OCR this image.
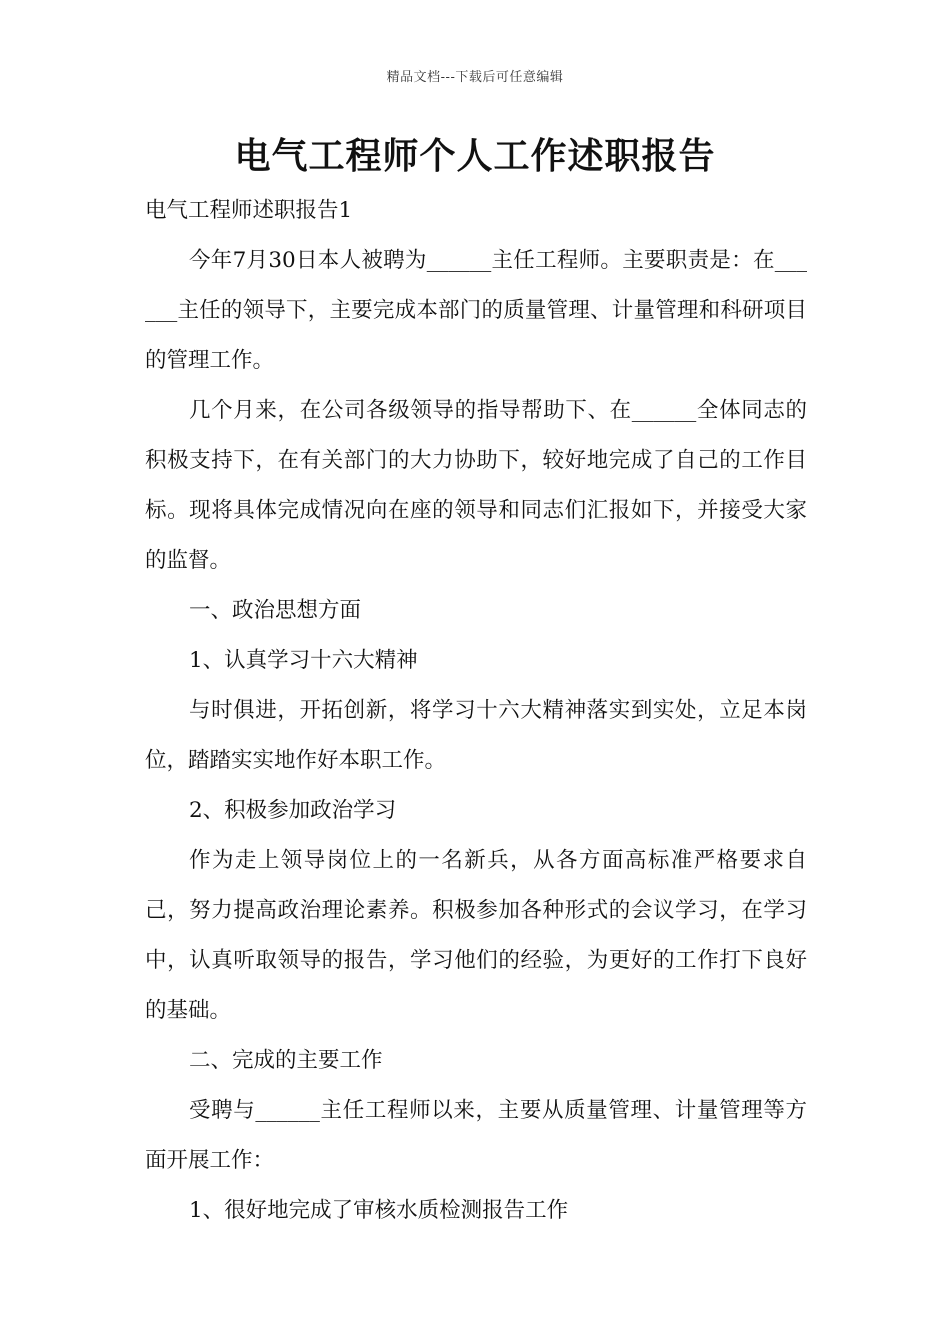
精品文档---下载后可任意编辑
电气工程师个人工作述职报告

电气工程师述职报告1

今年7月30日本人被聘为______主任工程师。主要职责是：在______主任的领导下，主要完成本部门的质量管理、计量管理和科研项目的管理工作。

几个月来，在公司各级领导的指导帮助下、在______全体同志的积极支持下，在有关部门的大力协助下，较好地完成了自己的工作目标。现将具体完成情况向在座的领导和同志们汇报如下，并接受大家的监督。

一、政治思想方面

1、认真学习十六大精神

与时俱进，开拓创新，将学习十六大精神落实到实处，立足本岗位，踏踏实实地作好本职工作。

2、积极参加政治学习

作为走上领导岗位上的一名新兵，从各方面高标准严格要求自己，努力提高政治理论素养。积极参加各种形式的会议学习，在学习中，认真听取领导的报告，学习他们的经验，为更好的工作打下良好的基础。

二、完成的主要工作

受聘与______主任工程师以来，主要从质量管理、计量管理等方面开展工作：

1、很好地完成了审核水质检测报告工作
